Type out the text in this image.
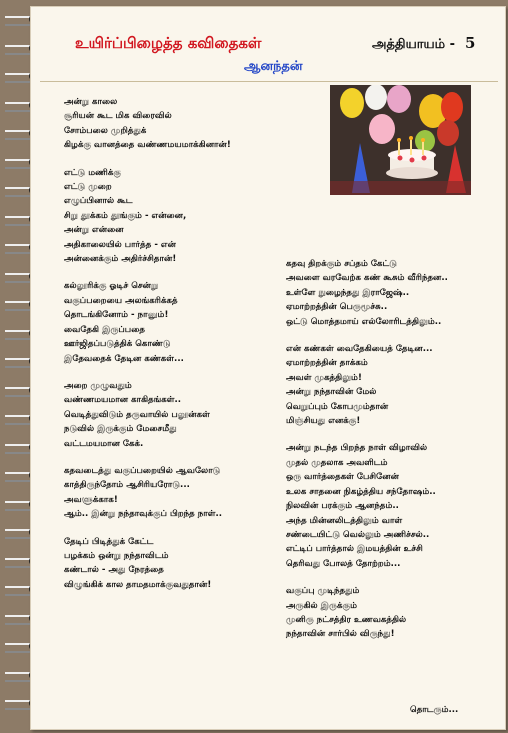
உயிர்ப்பிழைத்த கவிதைகள்
ஆனந்தன்
அத்தியாயம் - 5
அன்று காலை
சூரியன் கூட மிக விரைவில்
சோம்பலை முறித்துக்
கிழக்கு வானத்தை வண்ணமயமாக்கினான்!
எட்டு மணிக்கு
எட்டு முறை
எழுப்பினால் கூட
சிறு தூக்கம் தூங்கும் - என்னை,
அன்று என்னை
அதிகாலையில் பார்த்த - என்
அன்னைக்கும் அதிர்ச்சிதான்!
கல்லூரிக்கு ஓடிச் சென்று
வகுப்பறையை அலங்கரிக்கத்
தொடங்கினோம் - நானும்!
வைதேகி இருப்பதை
ஊர்ஜிதப்படுத்திக் கொண்டு
இதேவதைக் தேடின கண்கள்...
அறை முழுவதும்
வண்ணமயமான காகிதங்கள்..
வெடித்துவிடும் தருவாயில் பலூன்கள்
நடுவில் இருக்கும் மேசைமீது
வட்டமயமான கேக்.
கதவடைத்து வகுப்பறையில் ஆவலோடு
காத்திருந்தோம் ஆசிரியரோடு...
அவளுக்காக!
ஆம்.. இன்று நந்தாவுக்குப் பிறந்த நாள்..
தேடிப் பிடித்துக் கேட்ட
பழக்கம் ஒன்று நந்தாவிடம்
கண்டால் - அது நேரத்தை
விழுங்கிக் கால தாமதமாக்குவதுதான்!
கதவு திறக்கும் சப்தம் கேட்டு
அவளை வரவேற்க கண் கூசும் வீரிந்தன..
உள்ளே நுழைந்தது இராஜேஷ்..
ஏமாற்றத்தின் பெருமூச்சு..
ஒட்டு மொத்தமாய் எல்லோரிடத்திலும்..
என் கண்கள் வைதேகியைத் தேடின...
ஏமாற்றத்தின் தாக்கம்
அவள் முகத்திலும்!
அன்று நந்தாவின் மேல்
வெறுப்பும் கோபமும்தான்
மிஞ்சியது எனக்கு!
அன்று நடந்த பிறந்த நாள் விழாவில்
முதல் முதலாக அவளிடம்
ஒரு வார்த்தைகள் பேசினேன்
உலக சாதனை நிகழ்த்திய சந்தோஷம்..
நிலவின் பரக்கும் ஆனந்தம்..
அந்த மின்னலிடத்திலும் வாள்
சண்டையிட்டு வெல்லும் அணிச்சல்..
எட்டிப் பார்த்தால் இமயத்தின் உச்சி
தெரிவது போலத் தோற்றம்...
வகுப்பு முடிந்ததும்
அருகில் இருக்கும்
முனிரு நட்சத்திர உணவகத்தில்
நந்தாவின் சார்பில் விருந்து!
தொடரும்...
